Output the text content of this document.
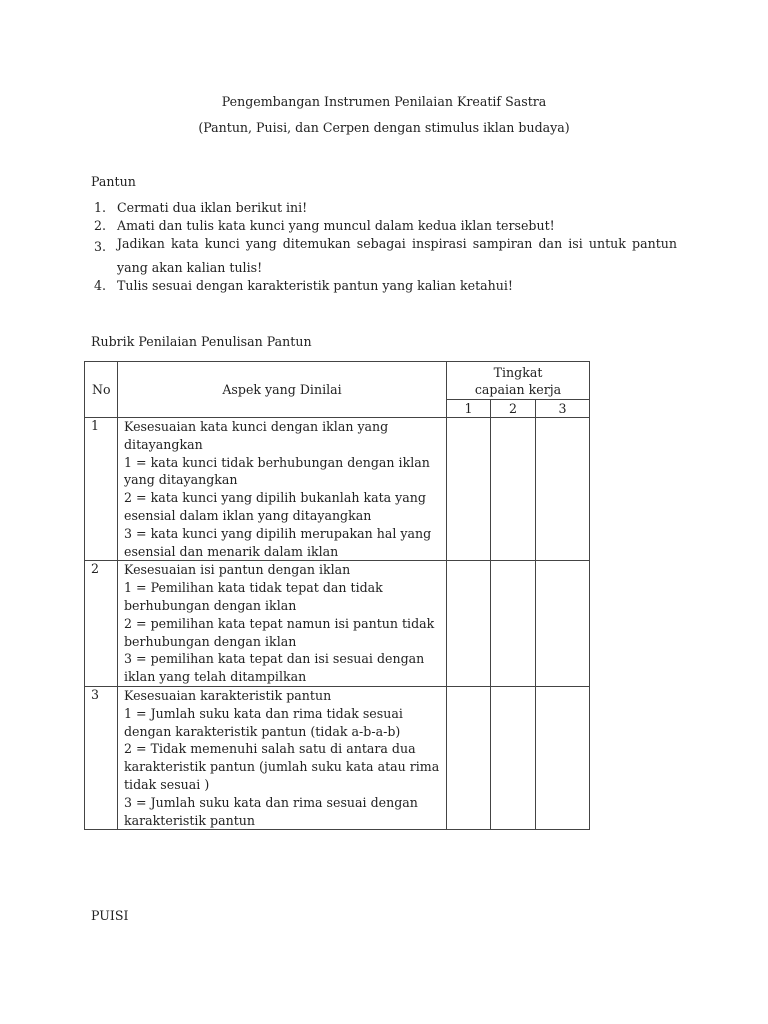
Pengembangan Instrumen Penilaian Kreatif Sastra
(Pantun, Puisi, dan Cerpen dengan stimulus iklan budaya)
Pantun
1. Cermati dua iklan berikut ini!
2. Amati dan tulis kata kunci yang muncul dalam kedua iklan tersebut!
3. Jadikan kata kunci yang ditemukan sebagai inspirasi sampiran dan isi untuk pantun yang akan kalian tulis!
4. Tulis sesuai dengan karakteristik pantun yang kalian ketahui!
Rubrik Penilaian Penulisan Pantun
No	Aspek yang Dinilai	Tingkat capaian kerja		
		1	2	3
1	Kesesuaian kata kunci dengan iklan yang ditayangkan
1 = kata kunci tidak berhubungan dengan iklan yang ditayangkan
2 = kata kunci yang dipilih bukanlah kata yang esensial dalam iklan yang ditayangkan
3 = kata kunci yang dipilih merupakan hal yang esensial dan menarik dalam iklan			

2	Kesesuaian isi pantun dengan iklan
1 = Pemilihan kata tidak tepat dan tidak berhubungan dengan iklan
2 = pemilihan kata tepat namun isi pantun tidak berhubungan dengan iklan
3 = pemilihan kata tepat dan isi sesuai dengan iklan yang telah ditampilkan			

3	Kesesuaian karakteristik pantun
1 = Jumlah suku kata dan rima tidak sesuai dengan karakteristik pantun (tidak a-b-a-b)
2 = Tidak memenuhi salah satu di antara dua karakteristik pantun (jumlah suku kata atau rima tidak sesuai )
3 = Jumlah suku kata dan rima sesuai dengan karakteristik pantun			

PUISI
